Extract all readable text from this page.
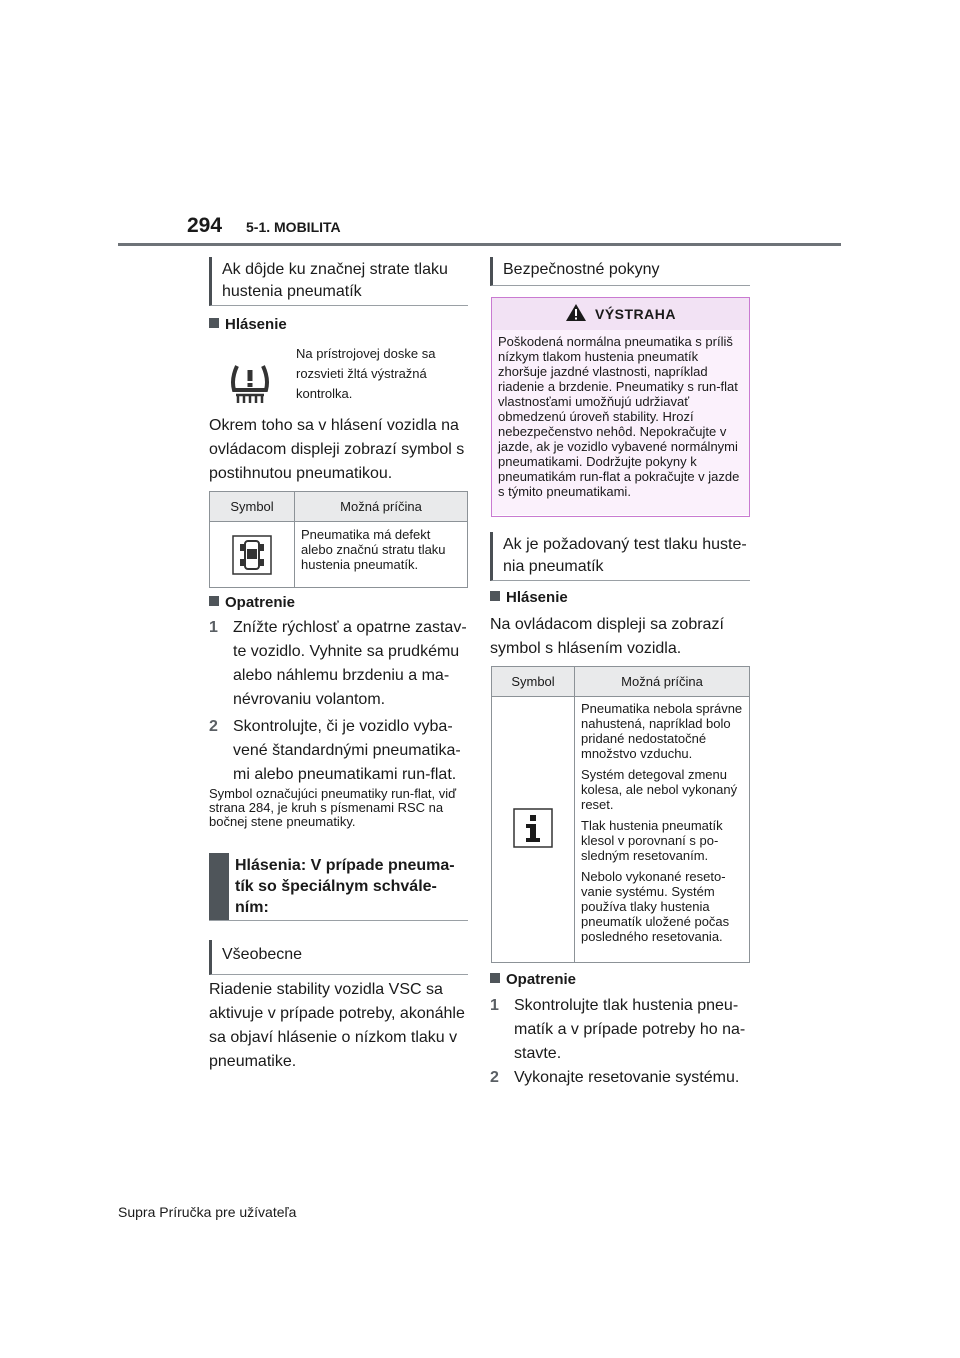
294 5-1. MOBILITA
Ak dôjde ku značnej strate tlaku hustenia pneumatík
Hlásenie
Na prístrojovej doske sa rozsvieti žltá výstražná kontrolka.
Okrem toho sa v hlásení vozidla na ovládacom displeji zobrazí symbol s postihnutou pneumatikou.
Symbol	Možná príčina

Pneumatika má defekt alebo značnú stratu tlaku hustenia pneumatík.
Opatrenie
1 Znížte rýchlosť a opatrne zastavte vozidlo. Vyhnite sa prudkému alebo náhlemu brzdeniu a manévrovaniu volantom.
2 Skontrolujte, či je vozidlo vybavené štandardnými pneumatikami alebo pneumatikami run-flat.
Symbol označujúci pneumatiky run-flat, viď strana 284, je kruh s písmenami RSC na bočnej stene pneumatiky.
Hlásenia: V prípade pneumatík so špeciálnym schválením:
Všeobecne
Riadenie stability vozidla VSC sa aktivuje v prípade potreby, akonáhle sa objaví hlásenie o nízkom tlaku v pneumatike.
Bezpečnostné pokyny
VÝSTRAHA
Poškodená normálna pneumatika s príliš nízkym tlakom hustenia pneumatík zhoršuje jazdné vlastnosti, napríklad riadenie a brzdenie. Pneumatiky s run-flat vlastnosťami umožňujú udržiavať obmedzenú úroveň stability. Hrozí nebezpečenstvo nehôd. Nepokračujte v jazde, ak je vozidlo vybavené normálnymi pneumatikami. Dodržujte pokyny k pneumatikám run-flat a pokračujte v jazde s týmito pneumatikami.
Ak je požadovaný test tlaku hustenia pneumatík
Hlásenie
Na ovládacom displeji sa zobrazí symbol s hlásením vozidla.
Symbol	Možná príčina

Pneumatika nebola správne nahustená, napríklad bolo pridané nedostatočné množstvo vzduchu.
Systém detegoval zmenu kolesa, ale nebol vykonaný reset.
Tlak hustenia pneumatík klesol v porovnaní s posledným resetovaním.
Nebolo vykonané resetovanie systému. Systém používa tlaky hustenia pneumatík uložené počas posledného resetovania.
Opatrenie
1 Skontrolujte tlak hustenia pneumatík a v prípade potreby ho nastavte.
2 Vykonajte resetovanie systému.
Supra Príručka pre užívateľa
